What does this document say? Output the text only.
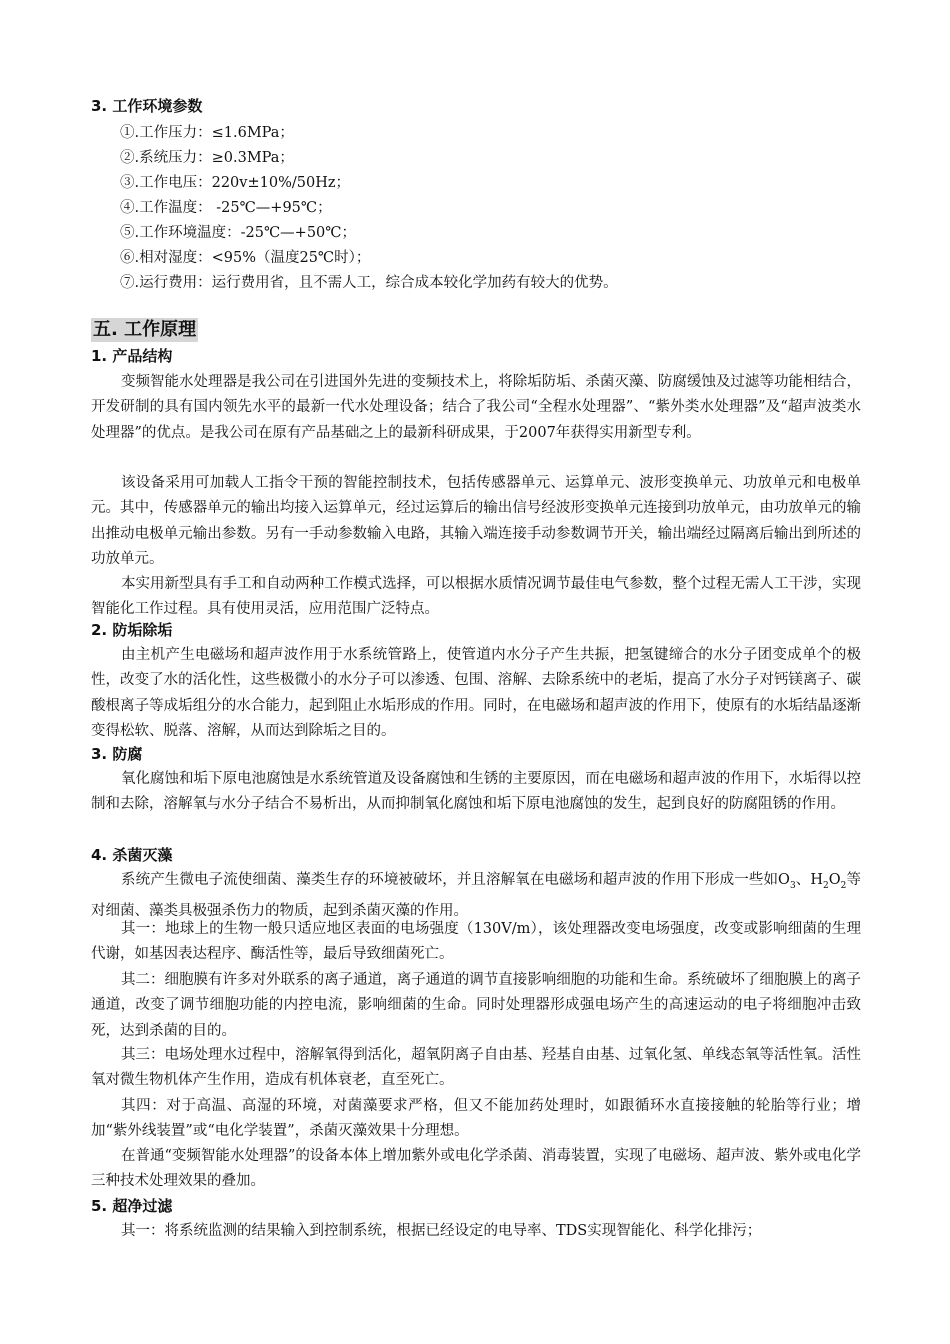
3. 工作环境参数
①.工作压力：≤1.6MPa；
②.系统压力：≥0.3MPa；
③.工作电压：220v±10%/50Hz；
④.工作温度： -25℃—+95℃；
⑤.工作环境温度：-25℃—+50℃；
⑥.相对湿度：<95%（温度25℃时）；
⑦.运行费用：运行费用省，且不需人工，综合成本较化学加药有较大的优势。
五. 工作原理
1. 产品结构
变频智能水处理器是我公司在引进国外先进的变频技术上，将除垢防垢、杀菌灭藻、防腐缓蚀及过滤等功能相结合，开发研制的具有国内领先水平的最新一代水处理设备；结合了我公司“全程水处理器”、“紫外类水处理器”及“超声波类水处理器”的优点。是我公司在原有产品基础之上的最新科研成果，于2007年获得实用新型专利。
该设备采用可加载人工指令干预的智能控制技术，包括传感器单元、运算单元、波形变换单元、功放单元和电极单元。其中，传感器单元的输出均接入运算单元，经过运算后的输出信号经波形变换单元连接到功放单元，由功放单元的输出推动电极单元输出参数。另有一手动参数输入电路，其输入端连接手动参数调节开关，输出端经过隔离后输出到所述的功放单元。
本实用新型具有手工和自动两种工作模式选择，可以根据水质情况调节最佳电气参数，整个过程无需人工干涉，实现智能化工作过程。具有使用灵活，应用范围广泛特点。
2. 防垢除垢
由主机产生电磁场和超声波作用于水系统管路上，使管道内水分子产生共振，把氢键缔合的水分子团变成单个的极性，改变了水的活化性，这些极微小的水分子可以渗透、包围、溶解、去除系统中的老垢，提高了水分子对钙镁离子、碳酸根离子等成垢组分的水合能力，起到阻止水垢形成的作用。同时，在电磁场和超声波的作用下，使原有的水垢结晶逐渐变得松软、脱落、溶解，从而达到除垢之目的。
3. 防腐
氧化腐蚀和垢下原电池腐蚀是水系统管道及设备腐蚀和生锈的主要原因，而在电磁场和超声波的作用下，水垢得以控制和去除，溶解氧与水分子结合不易析出，从而抑制氧化腐蚀和垢下原电池腐蚀的发生，起到良好的防腐阻锈的作用。
4. 杀菌灭藻
系统产生微电子流使细菌、藻类生存的环境被破坏，并且溶解氧在电磁场和超声波的作用下形成一些如$O_3$、$H_2O_2$等对细菌、藻类具极强杀伤力的物质，起到杀菌灭藻的作用。
其一：地球上的生物一般只适应地区表面的电场强度（130V/m），该处理器改变电场强度，改变或影响细菌的生理代谢，如基因表达程序、酶活性等，最后导致细菌死亡。
其二：细胞膜有许多对外联系的离子通道，离子通道的调节直接影响细胞的功能和生命。系统破坏了细胞膜上的离子通道，改变了调节细胞功能的内控电流，影响细菌的生命。同时处理器形成强电场产生的高速运动的电子将细胞冲击致死，达到杀菌的目的。
其三：电场处理水过程中，溶解氧得到活化，超氧阴离子自由基、羟基自由基、过氧化氢、单线态氧等活性氧。活性氧对微生物机体产生作用，造成有机体衰老，直至死亡。
其四：对于高温、高湿的环境，对菌藻要求严格，但又不能加药处理时，如跟循环水直接接触的轮胎等行业；增加“紫外线装置”或“电化学装置”，杀菌灭藻效果十分理想。
在普通“变频智能水处理器”的设备本体上增加紫外或电化学杀菌、消毒装置，实现了电磁场、超声波、紫外或电化学三种技术处理效果的叠加。
5. 超净过滤
其一：将系统监测的结果输入到控制系统，根据已经设定的电导率、TDS实现智能化、科学化排污；
